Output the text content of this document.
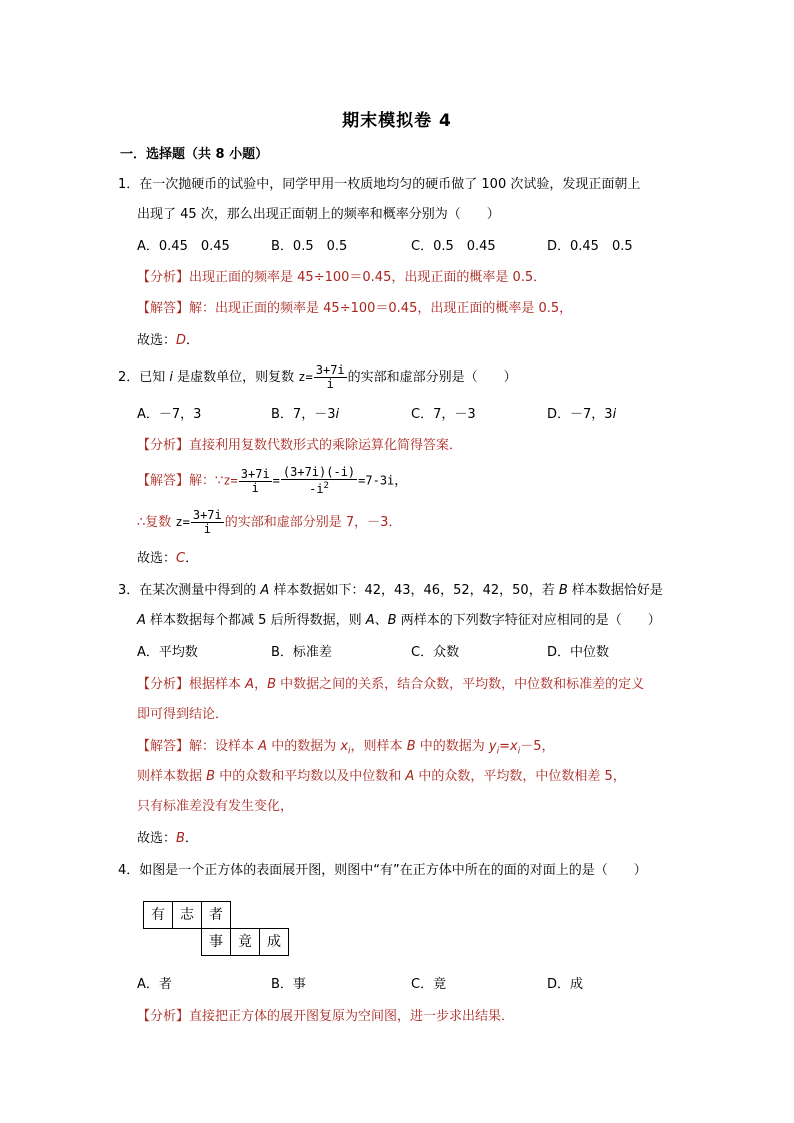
期末模拟卷 4
一．选择题（共 8 小题）
1．在一次抛硬币的试验中，同学甲用一枚质地均匀的硬币做了 100 次试验，发现正面朝上
出现了 45 次，那么出现正面朝上的频率和概率分别为（　　）
A．0.45　0.45	B．0.5　0.5	C．0.5　0.45	D．0.45　0.5
【分析】出现正面的频率是 45÷100＝0.45，出现正面的概率是 0.5．
【解答】解：出现正面的频率是 45÷100＝0.45，出现正面的概率是 0.5，
故选：D．
2．已知 i 是虚数单位，则复数 $z= \frac{3+7i}{i}$ 的实部和虚部分别是（　　）
A．－7，3	B．7，－3i	C．7，－3	D．－7，3i
【分析】直接利用复数代数形式的乘除运算化简得答案．
【解答】解：∵z= $\frac{3+7i}{i} = \frac{(3+7i)(-i)}{-i^2} =7-3i$，
∴复数 $z= \frac{3+7i}{i}$ 的实部和虚部分别是 7，－3．
故选：C．
3．在某次测量中得到的 A 样本数据如下：42，43，46，52，42，50，若 B 样本数据恰好是
A 样本数据每个都减 5 后所得数据，则 A、B 两样本的下列数字特征对应相同的是（　　）
A．平均数	B．标准差	C．众数	D．中位数
【分析】根据样本 A，B 中数据之间的关系，结合众数，平均数，中位数和标准差的定义
即可得到结论．
【解答】解：设样本 A 中的数据为 $x_i$，则样本 B 中的数据为 $y_i=x_i-5$，
则样本数据 B 中的众数和平均数以及中位数和 A 中的众数，平均数，中位数相差 5，
只有标准差没有发生变化，
故选：B．
4．如图是一个正方体的表面展开图，则图中“有”在正方体中所在的面的对面上的是（　　）
有	志	者
事	竟	成
A．者	B．事	C．竟	D．成
【分析】直接把正方体的展开图复原为空间图，进一步求出结果．
